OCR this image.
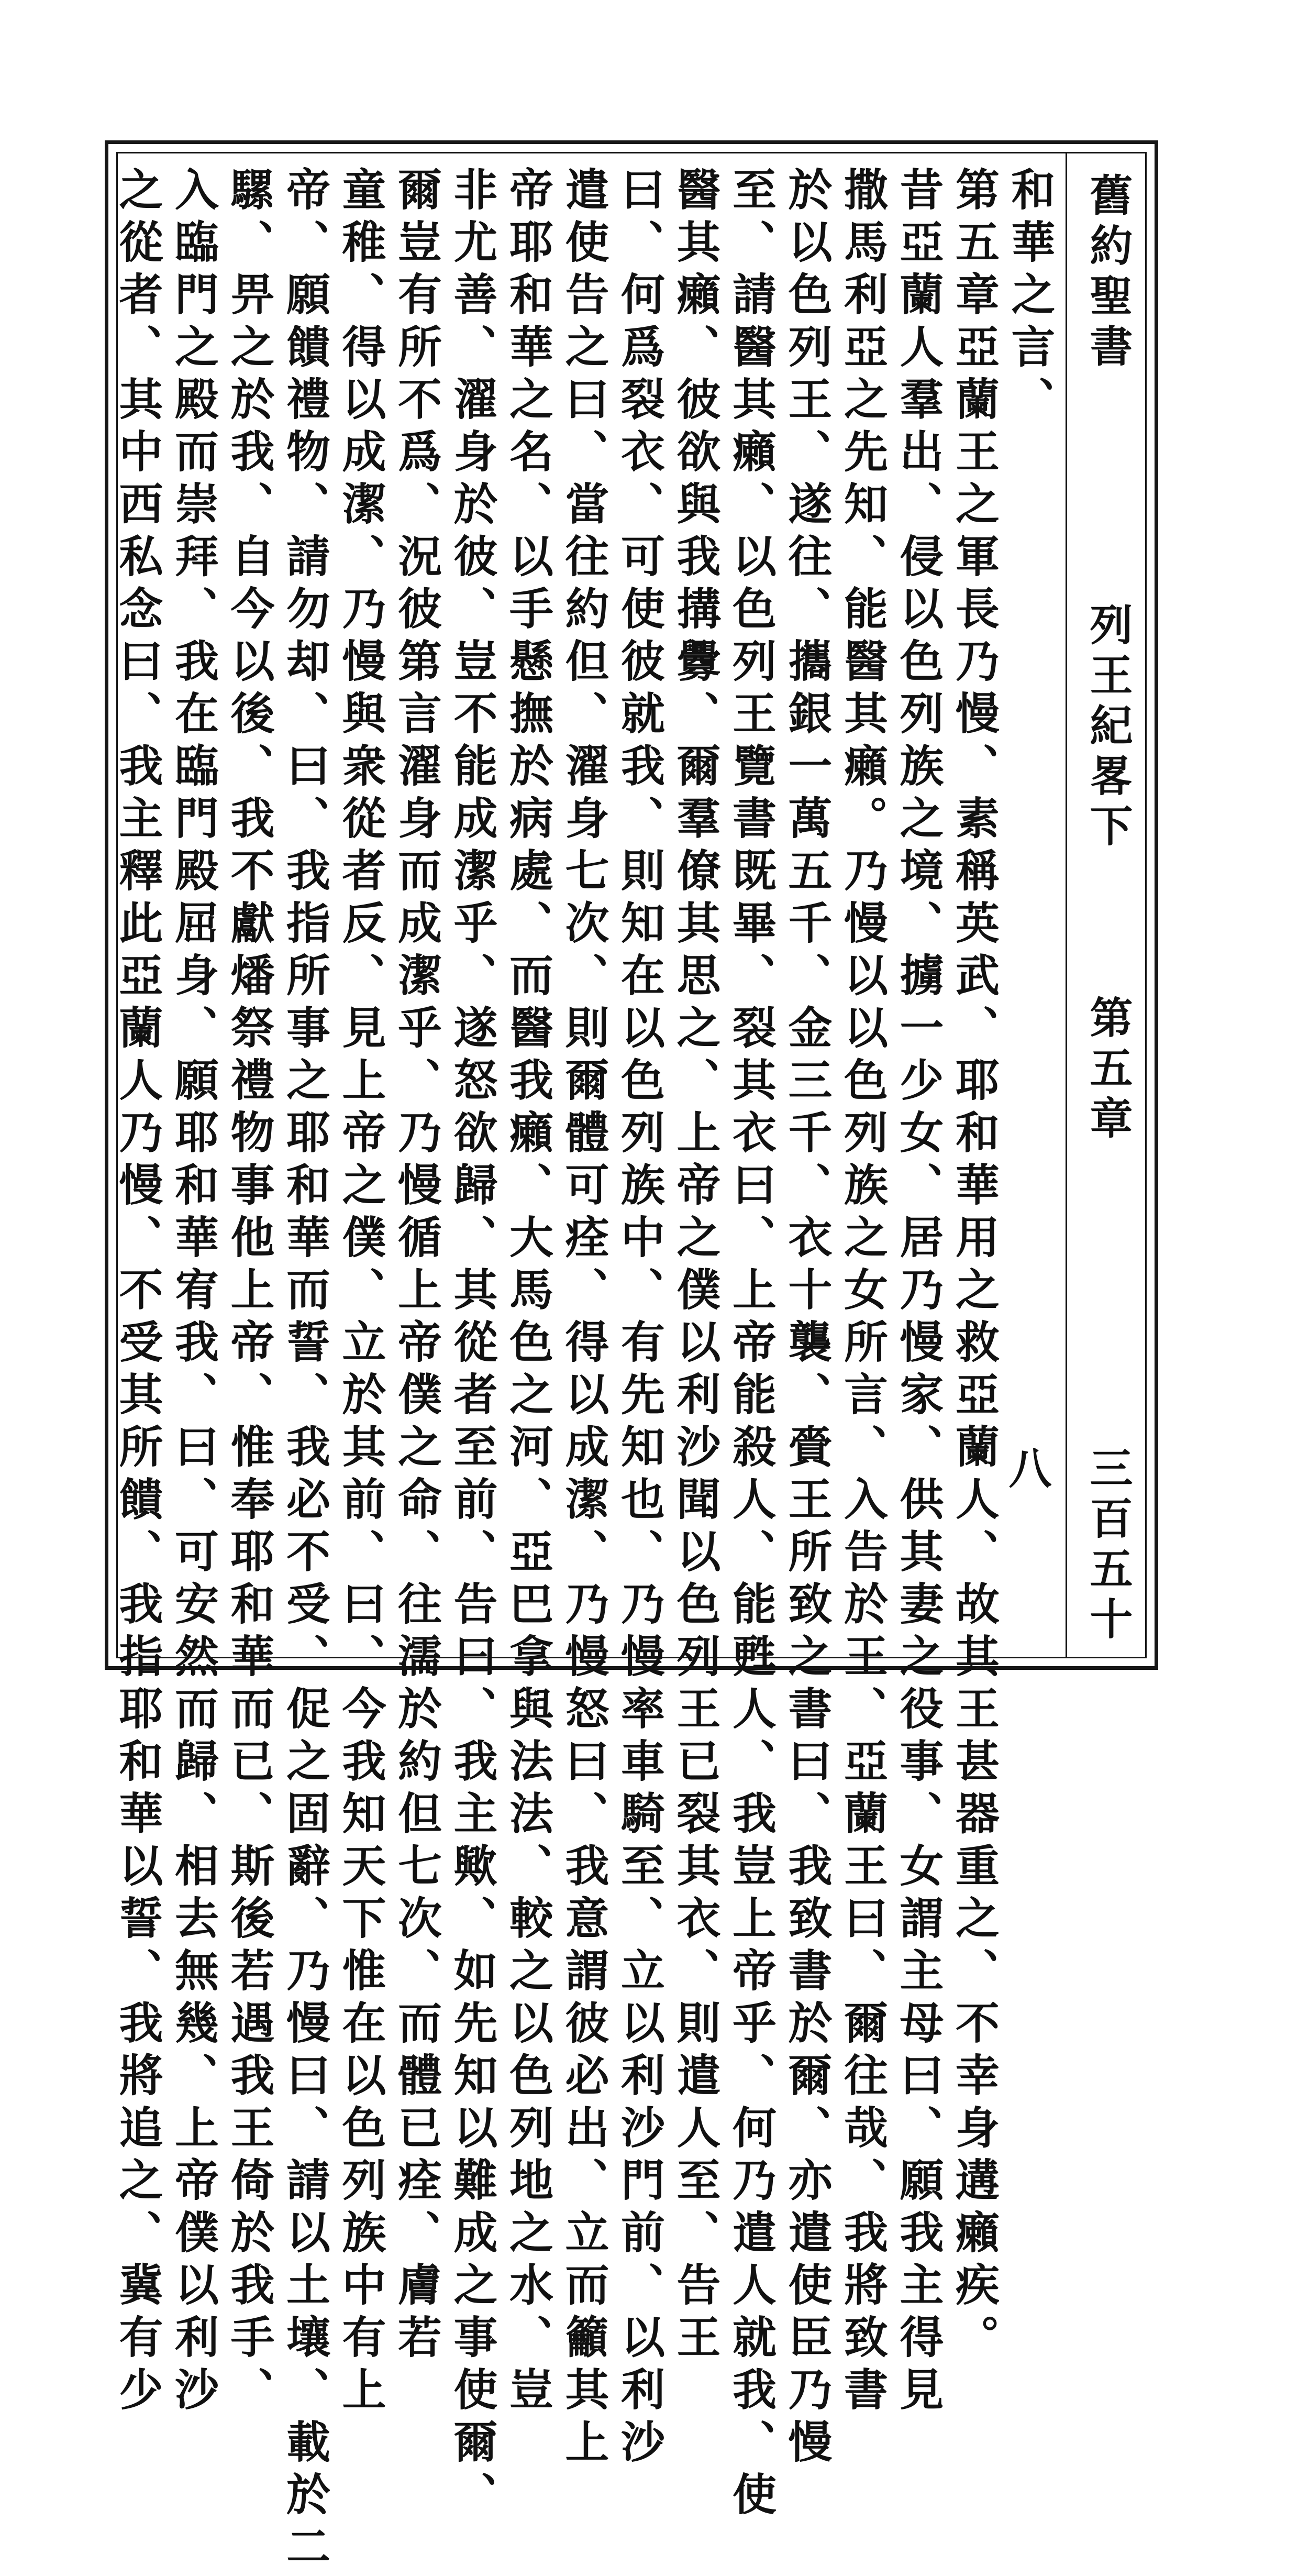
舊約聖書
列王紀畧下
第五章
三百五十八
和華之言、
第五章亞蘭王之軍長乃慢、素稱英武、耶和華用之救亞蘭人、故其王甚器重之、不幸身遘癩疾。
昔亞蘭人羣出、侵以色列族之境、擄一少女、居乃慢家、供其妻之役事、女謂主母曰、願我主得見
撒馬利亞之先知、能醫其癩。乃慢以以色列族之女所言、入告於王、亞蘭王曰、爾往哉、我將致書
於以色列王、遂往、攜銀一萬五千、金三千、衣十襲、賫王所致之書曰、我致書於爾、亦遣使臣乃慢
至、請醫其癩、以色列王覽書既畢、裂其衣曰、上帝能殺人、能甦人、我豈上帝乎、何乃遣人就我、使
醫其癩、彼欲與我搆釁、爾羣僚其思之、上帝之僕以利沙聞以色列王已裂其衣、則遣人至、告王
曰、何爲裂衣、可使彼就我、則知在以色列族中、有先知也、乃慢率車騎至、立以利沙門前、以利沙
遣使告之曰、當往約但、濯身七次、則爾體可痊、得以成潔、乃慢怒曰、我意謂彼必出、立而籲其上
帝耶和華之名、以手懸撫於病處、而醫我癩、大馬色之河、亞巴拿與法法、較之以色列地之水、豈
非尤善、濯身於彼、豈不能成潔乎、遂怒欲歸、其從者至前、告曰、我主歟、如先知以難成之事使爾、
爾豈有所不爲、況彼第言濯身而成潔乎、乃慢循上帝僕之命、往濡於約但七次、而體已痊、膚若
童稚、得以成潔、乃慢與衆從者反、見上帝之僕、立於其前、曰、今我知天下惟在以色列族中有上
帝、願饋禮物、請勿却、曰、我指所事之耶和華而誓、我必不受、促之固辭、乃慢曰、請以土壤、載於二
騾、畀之於我、自今以後、我不獻燔祭禮物事他上帝、惟奉耶和華而已、斯後若遇我王倚於我手、
入臨門之殿而崇拜、我在臨門殿屈身、願耶和華宥我、曰、可安然而歸、相去無幾、上帝僕以利沙
之從者、其中西私念曰、我主釋此亞蘭人乃慢、不受其所饋、我指耶和華以誓、我將追之、冀有少
